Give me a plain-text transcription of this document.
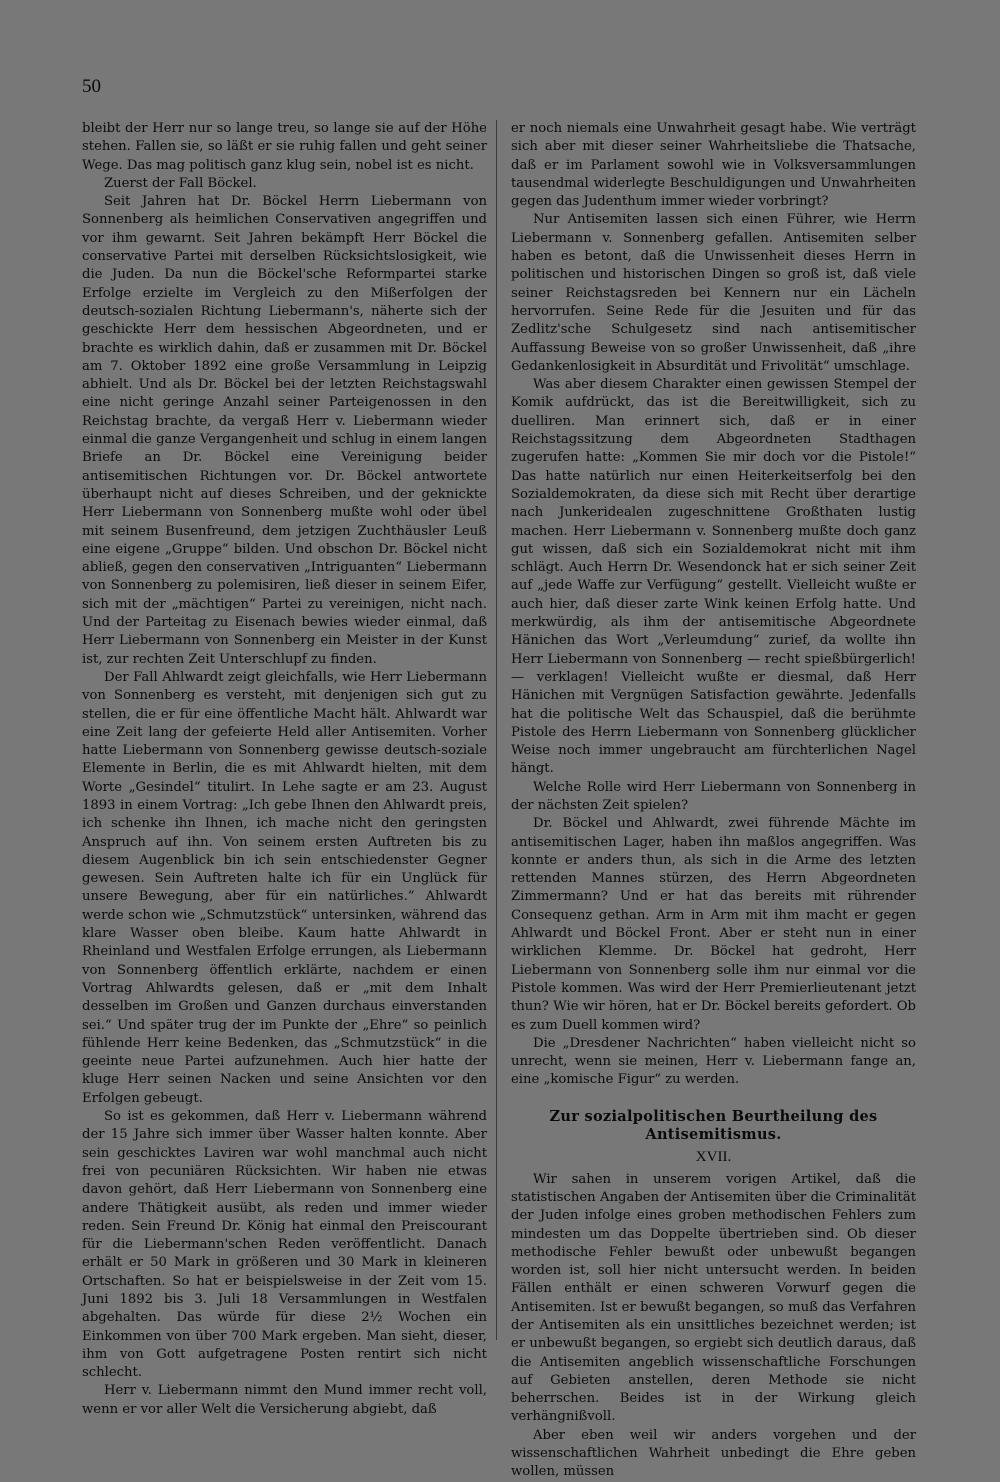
50

bleibt der Herr nur so lange treu, so lange sie auf der Höhe stehen. Fallen sie, so läßt er sie ruhig fallen und geht seiner Wege. Das mag politisch ganz klug sein, nobel ist es nicht.

Zuerst der Fall Böckel.

Seit Jahren hat Dr. Böckel Herrn Liebermann von Sonnenberg als heimlichen Conservativen angegriffen und vor ihm gewarnt. Seit Jahren bekämpft Herr Böckel die conservative Partei mit derselben Rücksichtslosigkeit, wie die Juden. Da nun die Böckel'sche Reformpartei starke Erfolge erzielte im Vergleich zu den Mißerfolgen der deutsch-sozialen Richtung Liebermann's, näherte sich der geschickte Herr dem hessischen Abgeordneten, und er brachte es wirklich dahin, daß er zusammen mit Dr. Böckel am 7. Oktober 1892 eine große Versammlung in Leipzig abhielt. Und als Dr. Böckel bei der letzten Reichstagswahl eine nicht geringe Anzahl seiner Parteigenossen in den Reichstag brachte, da vergaß Herr v. Liebermann wieder einmal die ganze Vergangenheit und schlug in einem langen Briefe an Dr. Böckel eine Vereinigung beider antisemitischen Richtungen vor. Dr. Böckel antwortete überhaupt nicht auf dieses Schreiben, und der geknickte Herr Liebermann von Sonnenberg mußte wohl oder übel mit seinem Busenfreund, dem jetzigen Zuchthäusler Leuß eine eigene „Gruppe“ bilden. Und obschon Dr. Böckel nicht abließ, gegen den conservativen „Intriguanten“ Liebermann von Sonnenberg zu polemisiren, ließ dieser in seinem Eifer, sich mit der „mächtigen“ Partei zu vereinigen, nicht nach. Und der Parteitag zu Eisenach bewies wieder einmal, daß Herr Liebermann von Sonnenberg ein Meister in der Kunst ist, zur rechten Zeit Unterschlupf zu finden.

Der Fall Ahlwardt zeigt gleichfalls, wie Herr Liebermann von Sonnenberg es versteht, mit denjenigen sich gut zu stellen, die er für eine öffentliche Macht hält. Ahlwardt war eine Zeit lang der gefeierte Held aller Antisemiten. Vorher hatte Liebermann von Sonnenberg gewisse deutsch-soziale Elemente in Berlin, die es mit Ahlwardt hielten, mit dem Worte „Gesindel“ titulirt. In Lehe sagte er am 23. August 1893 in einem Vortrag: „Ich gebe Ihnen den Ahlwardt preis, ich schenke ihn Ihnen, ich mache nicht den geringsten Anspruch auf ihn. Von seinem ersten Auftreten bis zu diesem Augenblick bin ich sein entschiedenster Gegner gewesen. Sein Auftreten halte ich für ein Unglück für unsere Bewegung, aber für ein natürliches.“ Ahlwardt werde schon wie „Schmutzstück“ untersinken, während das klare Wasser oben bleibe. Kaum hatte Ahlwardt in Rheinland und Westfalen Erfolge errungen, als Liebermann von Sonnenberg öffentlich erklärte, nachdem er einen Vortrag Ahlwardts gelesen, daß er „mit dem Inhalt desselben im Großen und Ganzen durchaus einverstanden sei.“ Und später trug der im Punkte der „Ehre“ so peinlich fühlende Herr keine Bedenken, das „Schmutzstück“ in die geeinte neue Partei aufzunehmen. Auch hier hatte der kluge Herr seinen Nacken und seine Ansichten vor den Erfolgen gebeugt.

So ist es gekommen, daß Herr v. Liebermann während der 15 Jahre sich immer über Wasser halten konnte. Aber sein geschicktes Laviren war wohl manchmal auch nicht frei von pecuniären Rücksichten. Wir haben nie etwas davon gehört, daß Herr Liebermann von Sonnenberg eine andere Thätigkeit ausübt, als reden und immer wieder reden. Sein Freund Dr. König hat einmal den Preiscourant für die Liebermann'schen Reden veröffentlicht. Danach erhält er 50 Mark in größeren und 30 Mark in kleineren Ortschaften. So hat er beispielsweise in der Zeit vom 15. Juni 1892 bis 3. Juli 18 Versammlungen in Westfalen abgehalten. Das würde für diese 2½ Wochen ein Einkommen von über 700 Mark ergeben. Man sieht, dieser, ihm von Gott aufgetragene Posten rentirt sich nicht schlecht.

Herr v. Liebermann nimmt den Mund immer recht voll, wenn er vor aller Welt die Versicherung abgiebt, daß

er noch niemals eine Unwahrheit gesagt habe. Wie verträgt sich aber mit dieser seiner Wahrheitsliebe die Thatsache, daß er im Parlament sowohl wie in Volksversammlungen tausendmal widerlegte Beschuldigungen und Unwahrheiten gegen das Judenthum immer wieder vorbringt?

Nur Antisemiten lassen sich einen Führer, wie Herrn Liebermann v. Sonnenberg gefallen. Antisemiten selber haben es betont, daß die Unwissenheit dieses Herrn in politischen und historischen Dingen so groß ist, daß viele seiner Reichstagsreden bei Kennern nur ein Lächeln hervorrufen. Seine Rede für die Jesuiten und für das Zedlitz'sche Schulgesetz sind nach antisemitischer Auffassung Beweise von so großer Unwissenheit, daß „ihre Gedankenlosigkeit in Absurdität und Frivolität“ umschlage.

Was aber diesem Charakter einen gewissen Stempel der Komik aufdrückt, das ist die Bereitwilligkeit, sich zu duelliren. Man erinnert sich, daß er in einer Reichstagssitzung dem Abgeordneten Stadthagen zugerufen hatte: „Kommen Sie mir doch vor die Pistole!“ Das hatte natürlich nur einen Heiterkeitserfolg bei den Sozialdemokraten, da diese sich mit Recht über derartige nach Junkeridealen zugeschnittene Großthaten lustig machen. Herr Liebermann v. Sonnenberg mußte doch ganz gut wissen, daß sich ein Sozialdemokrat nicht mit ihm schlägt. Auch Herrn Dr. Wesendonck hat er sich seiner Zeit auf „jede Waffe zur Verfügung“ gestellt. Vielleicht wußte er auch hier, daß dieser zarte Wink keinen Erfolg hatte. Und merkwürdig, als ihm der antisemitische Abgeordnete Hänichen das Wort „Verleumdung“ zurief, da wollte ihn Herr Liebermann von Sonnenberg — recht spießbürgerlich! — verklagen! Vielleicht wußte er diesmal, daß Herr Hänichen mit Vergnügen Satisfaction gewährte. Jedenfalls hat die politische Welt das Schauspiel, daß die berühmte Pistole des Herrn Liebermann von Sonnenberg glücklicher Weise noch immer ungebraucht am fürchterlichen Nagel hängt.

Welche Rolle wird Herr Liebermann von Sonnenberg in der nächsten Zeit spielen?

Dr. Böckel und Ahlwardt, zwei führende Mächte im antisemitischen Lager, haben ihn maßlos angegriffen. Was konnte er anders thun, als sich in die Arme des letzten rettenden Mannes stürzen, des Herrn Abgeordneten Zimmermann? Und er hat das bereits mit rührender Consequenz gethan. Arm in Arm mit ihm macht er gegen Ahlwardt und Böckel Front. Aber er steht nun in einer wirklichen Klemme. Dr. Böckel hat gedroht, Herr Liebermann von Sonnenberg solle ihm nur einmal vor die Pistole kommen. Was wird der Herr Premierlieutenant jetzt thun? Wie wir hören, hat er Dr. Böckel bereits gefordert. Ob es zum Duell kommen wird?

Die „Dresdener Nachrichten“ haben vielleicht nicht so unrecht, wenn sie meinen, Herr v. Liebermann fange an, eine „komische Figur“ zu werden.

Zur sozialpolitischen Beurtheilung des Antisemitismus.
XVII.

Wir sahen in unserem vorigen Artikel, daß die statistischen Angaben der Antisemiten über die Criminalität der Juden infolge eines groben methodischen Fehlers zum mindesten um das Doppelte übertrieben sind. Ob dieser methodische Fehler bewußt oder unbewußt begangen worden ist, soll hier nicht untersucht werden. In beiden Fällen enthält er einen schweren Vorwurf gegen die Antisemiten. Ist er bewußt begangen, so muß das Verfahren der Antisemiten als ein unsittliches bezeichnet werden; ist er unbewußt begangen, so ergiebt sich deutlich daraus, daß die Antisemiten angeblich wissenschaftliche Forschungen auf Gebieten anstellen, deren Methode sie nicht beherrschen. Beides ist in der Wirkung gleich verhängnißvoll.

Aber eben weil wir anders vorgehen und der wissenschaftlichen Wahrheit unbedingt die Ehre geben wollen, müssen
